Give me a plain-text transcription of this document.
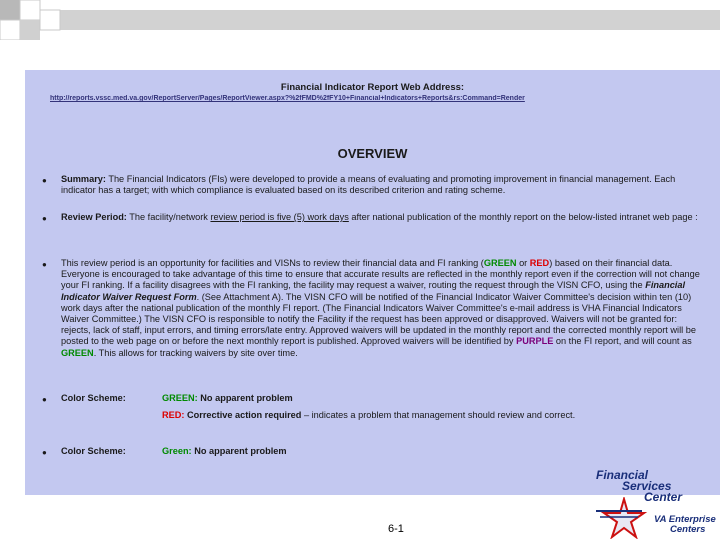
Financial Indicator Report Web Address:
http://reports.vssc.med.va.gov/ReportServer/Pages/ReportViewer.aspx?%2fFMD%2fFY10+Financial+Indicators+Reports&rs:Command=Render
OVERVIEW
● Summary: The Financial Indicators (FIs) were developed to provide a means of evaluating and promoting improvement in financial management. Each indicator has a target; with which compliance is evaluated based on its described criterion and rating scheme.
● Review Period: The facility/network review period is five (5) work days after national publication of the monthly report on the below-listed intranet web page :
● This review period is an opportunity for facilities and VISNs to review their financial data and FI ranking (GREEN or RED) based on their financial data. Everyone is encouraged to take advantage of this time to ensure that accurate results are reflected in the monthly report even if the correction will not change your FI ranking. If a facility disagrees with the FI ranking, the facility may request a waiver, routing the request through the VISN CFO, using the Financial Indicator Waiver Request Form. (See Attachment A). The VISN CFO will be notified of the Financial Indicator Waiver Committee's decision within ten (10) work days after the national publication of the monthly FI report. (The Financial Indicators Waiver Committee's e-mail address is VHA Financial Indicators Waiver Committee.) The VISN CFO is responsible to notify the Facility if the request has been approved or disapproved. Waivers will not be granted for: rejects, lack of staff, input errors, and timing errors/late entry. Approved waivers will be updated in the monthly report and the corrected monthly report will be posted to the web page on or before the next monthly report is published. Approved waivers will be identified by PURPLE on the FI report, and will count as GREEN. This allows for tracking waivers by site over time.
● Color Scheme:	GREEN: No apparent problem
RED: Corrective action required – indicates a problem that management should review and correct.
● Color Scheme:	Green: No apparent problem
6-1
Financial
Services
Center
VA Enterprise
Centers
